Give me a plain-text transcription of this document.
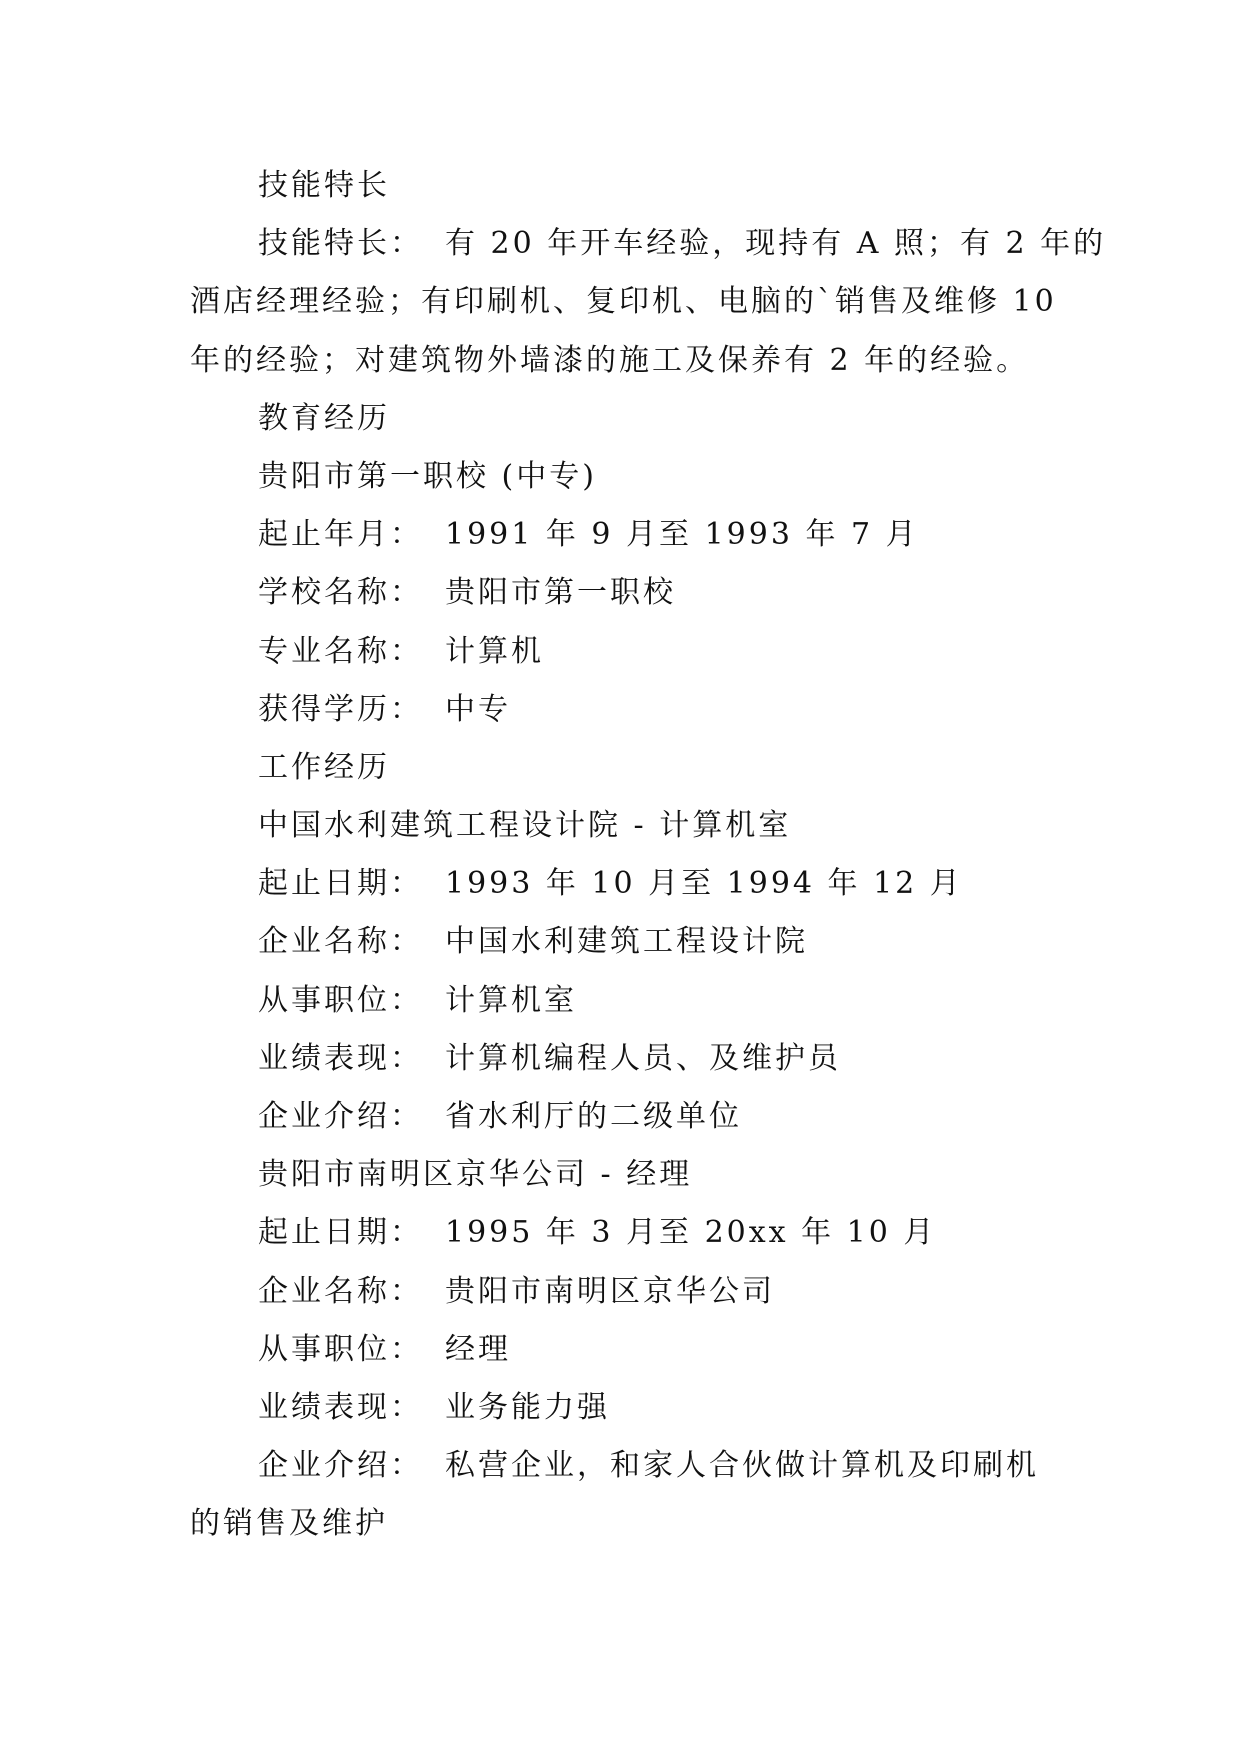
技能特长
技能特长： 有 20 年开车经验，现持有 A 照；有 2 年的
酒店经理经验；有印刷机、复印机、电脑的`销售及维修 10
年的经验；对建筑物外墙漆的施工及保养有 2 年的经验。
教育经历
贵阳市第一职校 (中专)
起止年月： 1991 年 9 月至 1993 年 7 月
学校名称： 贵阳市第一职校
专业名称： 计算机
获得学历： 中专
工作经历
中国水利建筑工程设计院 - 计算机室
起止日期： 1993 年 10 月至 1994 年 12 月
企业名称： 中国水利建筑工程设计院
从事职位： 计算机室
业绩表现： 计算机编程人员、及维护员
企业介绍： 省水利厅的二级单位
贵阳市南明区京华公司 - 经理
起止日期： 1995 年 3 月至 20xx 年 10 月
企业名称： 贵阳市南明区京华公司
从事职位： 经理
业绩表现： 业务能力强
企业介绍： 私营企业，和家人合伙做计算机及印刷机
的销售及维护
